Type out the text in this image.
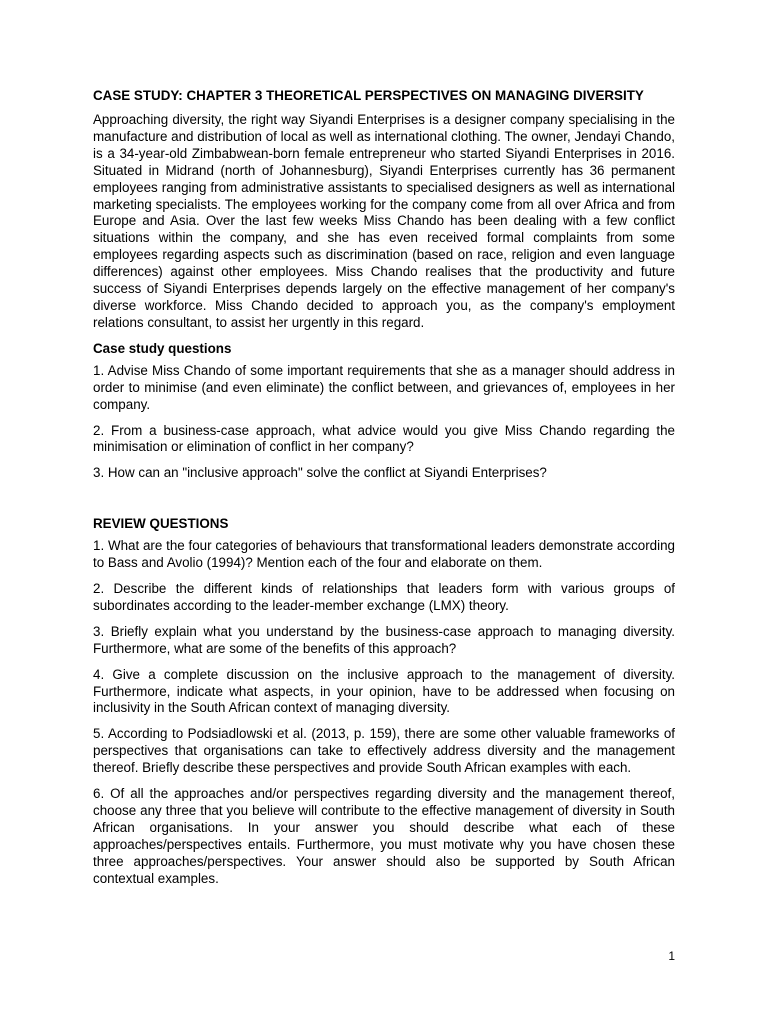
CASE STUDY: CHAPTER 3 THEORETICAL PERSPECTIVES ON MANAGING DIVERSITY

Approaching diversity, the right way Siyandi Enterprises is a designer company specialising in the manufacture and distribution of local as well as international clothing. The owner, Jendayi Chando, is a 34-year-old Zimbabwean-born female entrepreneur who started Siyandi Enterprises in 2016. Situated in Midrand (north of Johannesburg), Siyandi Enterprises currently has 36 permanent employees ranging from administrative assistants to specialised designers as well as international marketing specialists. The employees working for the company come from all over Africa and from Europe and Asia. Over the last few weeks Miss Chando has been dealing with a few conflict situations within the company, and she has even received formal complaints from some employees regarding aspects such as discrimination (based on race, religion and even language differences) against other employees. Miss Chando realises that the productivity and future success of Siyandi Enterprises depends largely on the effective management of her company's diverse workforce. Miss Chando decided to approach you, as the company's employment relations consultant, to assist her urgently in this regard.

Case study questions

1. Advise Miss Chando of some important requirements that she as a manager should address in order to minimise (and even eliminate) the conflict between, and grievances of, employees in her company.

2. From a business-case approach, what advice would you give Miss Chando regarding the minimisation or elimination of conflict in her company?

3. How can an "inclusive approach" solve the conflict at Siyandi Enterprises?

REVIEW QUESTIONS

1. What are the four categories of behaviours that transformational leaders demonstrate according to Bass and Avolio (1994)? Mention each of the four and elaborate on them.

2. Describe the different kinds of relationships that leaders form with various groups of subordinates according to the leader-member exchange (LMX) theory.

3. Briefly explain what you understand by the business-case approach to managing diversity. Furthermore, what are some of the benefits of this approach?

4. Give a complete discussion on the inclusive approach to the management of diversity. Furthermore, indicate what aspects, in your opinion, have to be addressed when focusing on inclusivity in the South African context of managing diversity.

5. According to Podsiadlowski et al. (2013, p. 159), there are some other valuable frameworks of perspectives that organisations can take to effectively address diversity and the management thereof. Briefly describe these perspectives and provide South African examples with each.

6. Of all the approaches and/or perspectives regarding diversity and the management thereof, choose any three that you believe will contribute to the effective management of diversity in South African organisations. In your answer you should describe what each of these approaches/perspectives entails. Furthermore, you must motivate why you have chosen these three approaches/perspectives. Your answer should also be supported by South African contextual examples.

1
